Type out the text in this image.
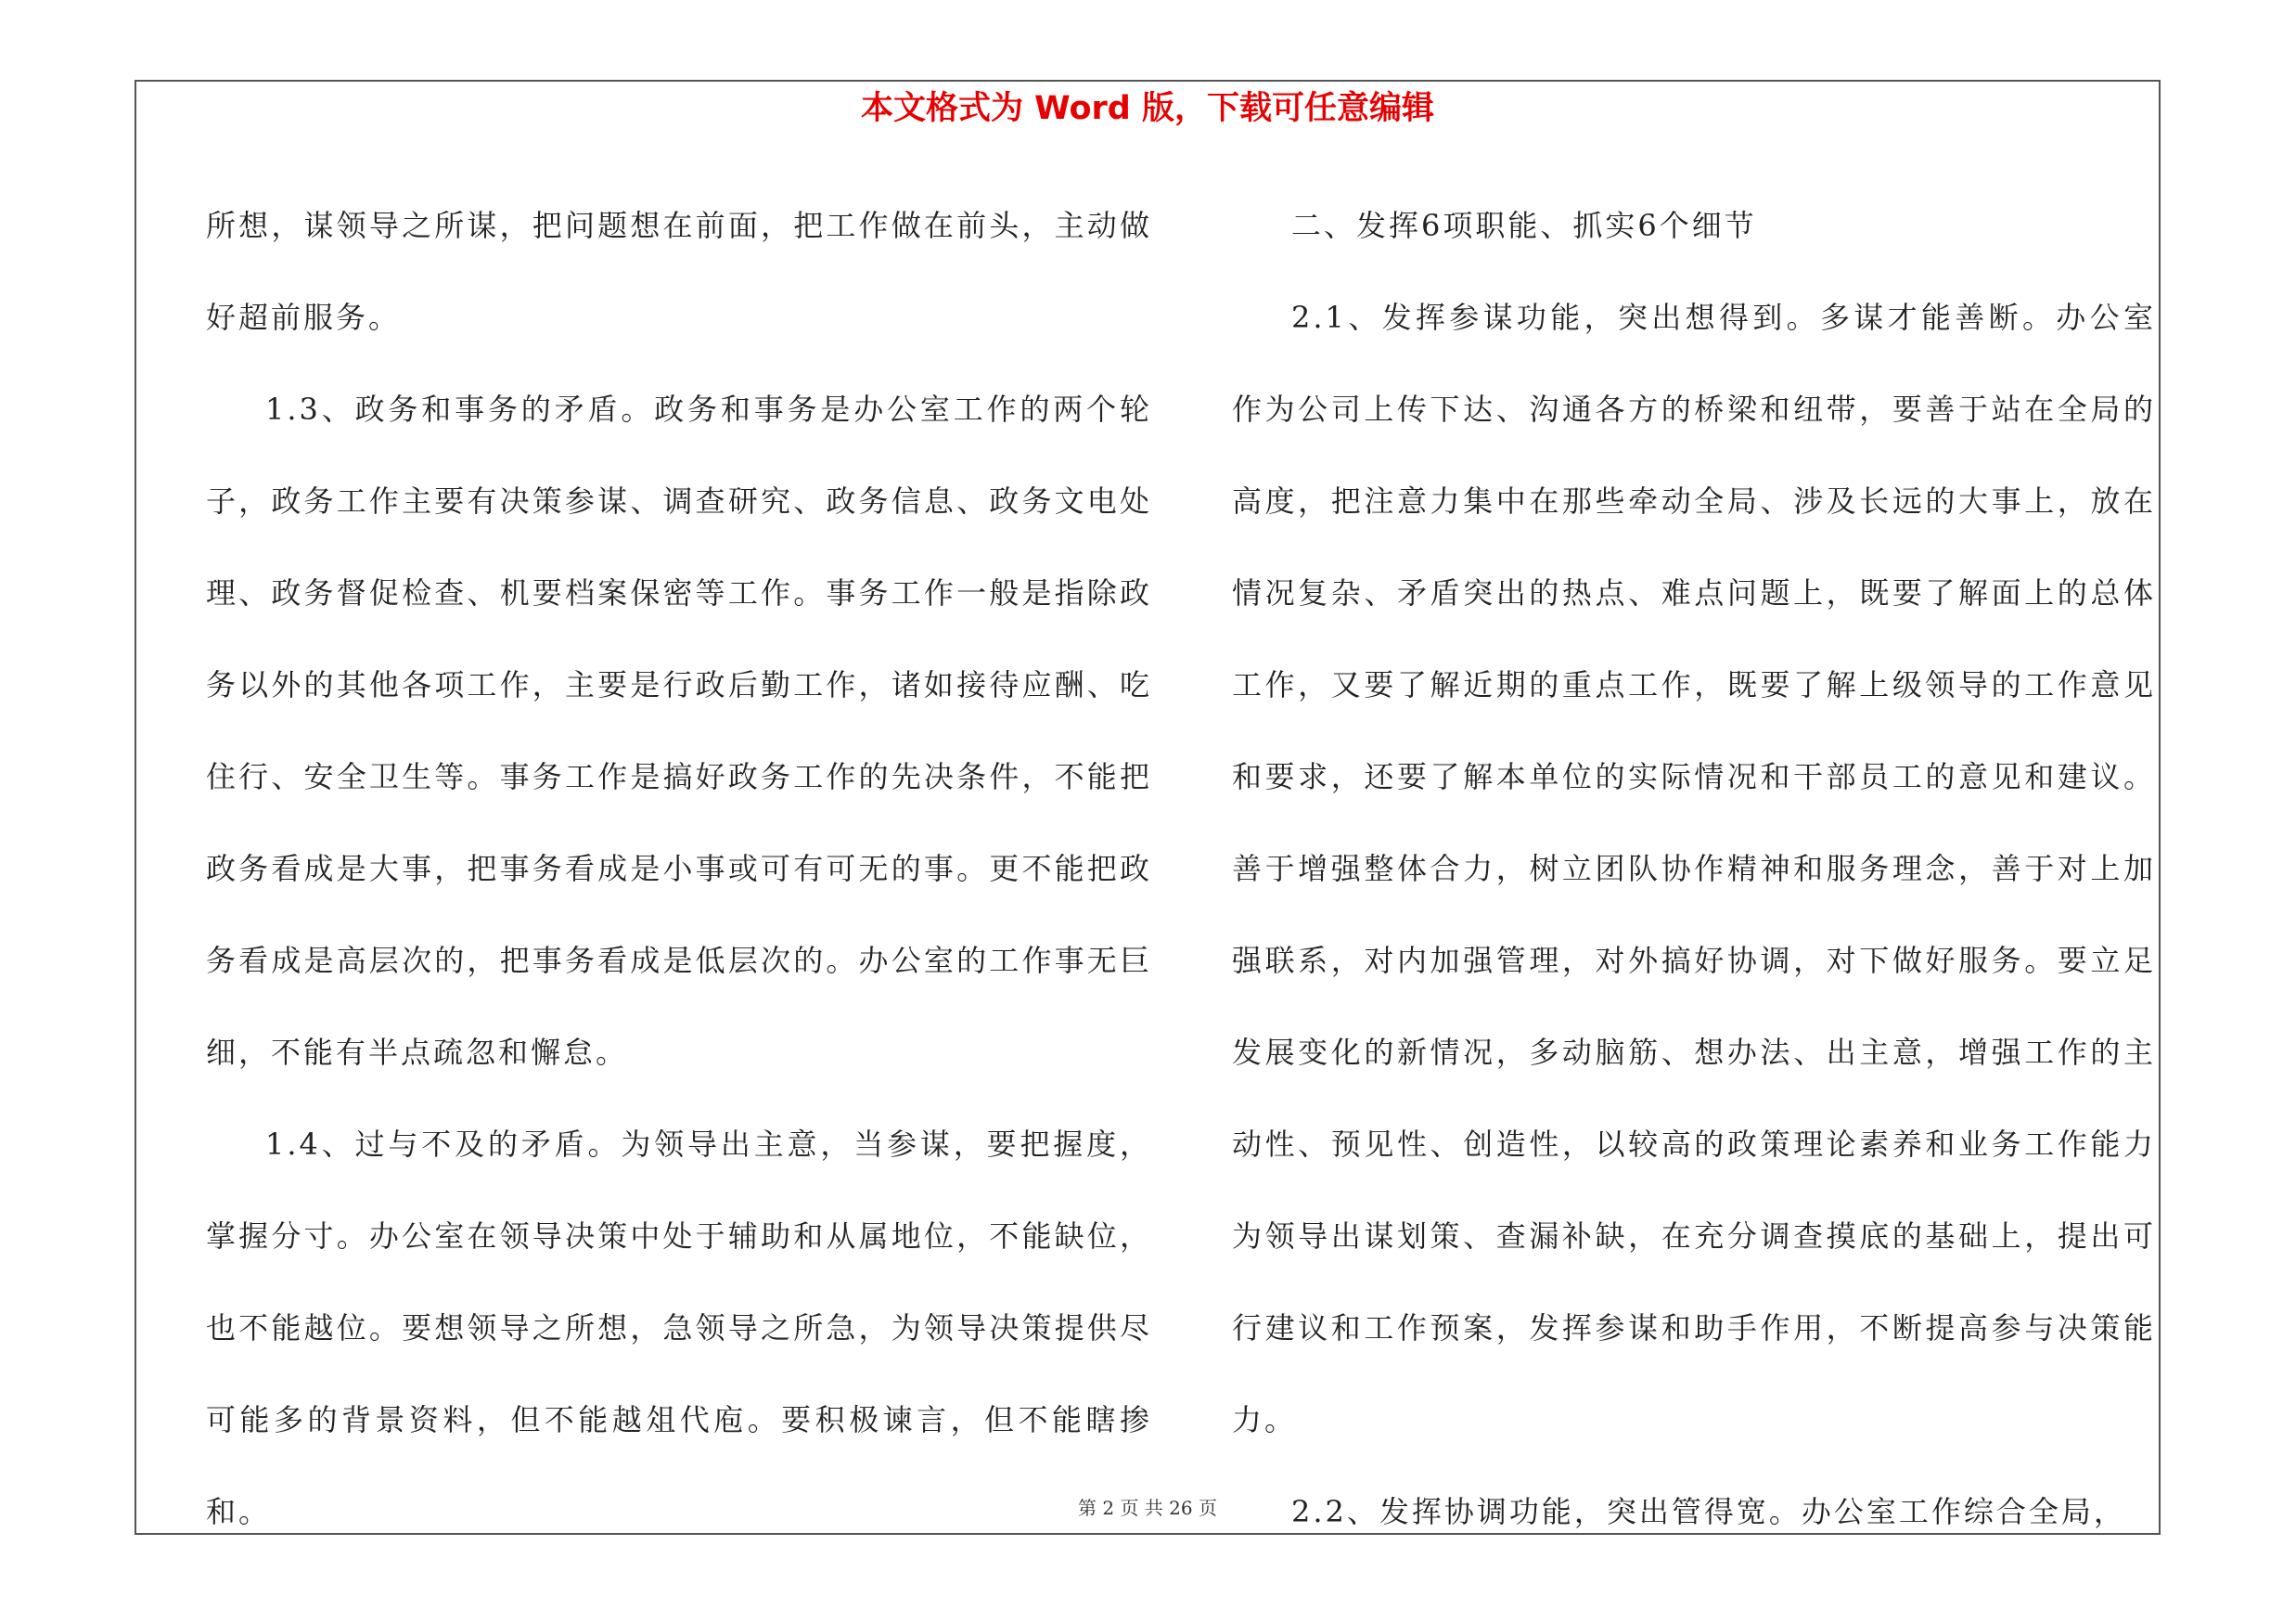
本文格式为 Word 版，下载可任意编辑

所想，谋领导之所谋，把问题想在前面，把工作做在前头，主动做好超前服务。

1.3、政务和事务的矛盾。政务和事务是办公室工作的两个轮子，政务工作主要有决策参谋、调查研究、政务信息、政务文电处理、政务督促检查、机要档案保密等工作。事务工作一般是指除政务以外的其他各项工作，主要是行政后勤工作，诸如接待应酬、吃住行、安全卫生等。事务工作是搞好政务工作的先决条件，不能把政务看成是大事，把事务看成是小事或可有可无的事。更不能把政务看成是高层次的，把事务看成是低层次的。办公室的工作事无巨细，不能有半点疏忽和懈怠。

1.4、过与不及的矛盾。为领导出主意，当参谋，要把握度，掌握分寸。办公室在领导决策中处于辅助和从属地位，不能缺位，也不能越位。要想领导之所想，急领导之所急，为领导决策提供尽可能多的背景资料，但不能越俎代庖。要积极谏言，但不能瞎掺和。

二、发挥6项职能、抓实6个细节

2.1、发挥参谋功能，突出想得到。多谋才能善断。办公室作为公司上传下达、沟通各方的桥梁和纽带，要善于站在全局的高度，把注意力集中在那些牵动全局、涉及长远的大事上，放在情况复杂、矛盾突出的热点、难点问题上，既要了解面上的总体工作，又要了解近期的重点工作，既要了解上级领导的工作意见和要求，还要了解本单位的实际情况和干部员工的意见和建议。善于增强整体合力，树立团队协作精神和服务理念，善于对上加强联系，对内加强管理，对外搞好协调，对下做好服务。要立足发展变化的新情况，多动脑筋、想办法、出主意，增强工作的主动性、预见性、创造性，以较高的政策理论素养和业务工作能力为领导出谋划策、查漏补缺，在充分调查摸底的基础上，提出可行建议和工作预案，发挥参谋和助手作用，不断提高参与决策能力。

2.2、发挥协调功能，突出管得宽。办公室工作综合全局，

第 2 页 共 26 页
